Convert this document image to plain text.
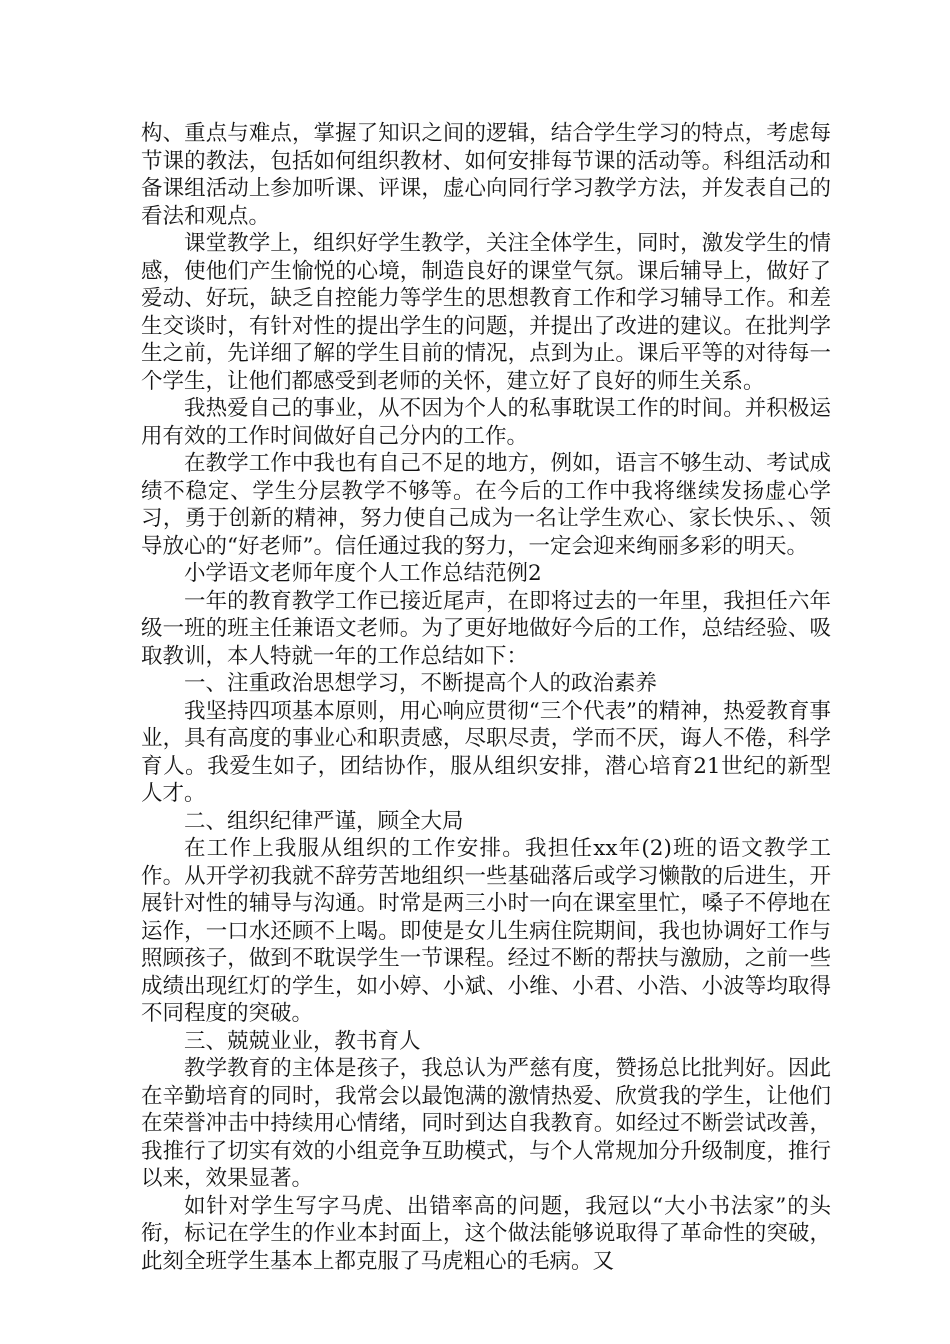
构、重点与难点，掌握了知识之间的逻辑，结合学生学习的特点，考虑每节课的教法，包括如何组织教材、如何安排每节课的活动等。科组活动和备课组活动上参加听课、评课，虚心向同行学习教学方法，并发表自己的看法和观点。

课堂教学上，组织好学生教学，关注全体学生，同时，激发学生的情感，使他们产生愉悦的心境，制造良好的课堂气氛。课后辅导上，做好了爱动、好玩，缺乏自控能力等学生的思想教育工作和学习辅导工作。和差生交谈时，有针对性的提出学生的问题，并提出了改进的建议。在批判学生之前，先详细了解的学生目前的情况，点到为止。课后平等的对待每一个学生，让他们都感受到老师的关怀，建立好了良好的师生关系。

我热爱自己的事业，从不因为个人的私事耽误工作的时间。并积极运用有效的工作时间做好自己分内的工作。

在教学工作中我也有自己不足的地方，例如，语言不够生动、考试成绩不稳定、学生分层教学不够等。在今后的工作中我将继续发扬虚心学习，勇于创新的精神，努力使自己成为一名让学生欢心、家长快乐、、领导放心的“好老师”。信任通过我的努力，一定会迎来绚丽多彩的明天。

小学语文老师年度个人工作总结范例2

一年的教育教学工作已接近尾声，在即将过去的一年里，我担任六年级一班的班主任兼语文老师。为了更好地做好今后的工作，总结经验、吸取教训，本人特就一年的工作总结如下：

一、注重政治思想学习，不断提高个人的政治素养

我坚持四项基本原则，用心响应贯彻“三个代表”的精神，热爱教育事业，具有高度的事业心和职责感，尽职尽责，学而不厌，诲人不倦，科学育人。我爱生如子，团结协作，服从组织安排，潜心培育21世纪的新型人才。

二、组织纪律严谨，顾全大局

在工作上我服从组织的工作安排。我担任xx年(2)班的语文教学工作。从开学初我就不辞劳苦地组织一些基础落后或学习懒散的后进生，开展针对性的辅导与沟通。时常是两三小时一向在课室里忙，嗓子不停地在运作，一口水还顾不上喝。即使是女儿生病住院期间，我也协调好工作与照顾孩子，做到不耽误学生一节课程。经过不断的帮扶与激励，之前一些成绩出现红灯的学生，如小婷、小斌、小维、小君、小浩、小波等均取得不同程度的突破。

三、兢兢业业，教书育人

教学教育的主体是孩子，我总认为严慈有度，赞扬总比批判好。因此在辛勤培育的同时，我常会以最饱满的激情热爱、欣赏我的学生，让他们在荣誉冲击中持续用心情绪，同时到达自我教育。如经过不断尝试改善，我推行了切实有效的小组竞争互助模式，与个人常规加分升级制度，推行以来，效果显著。

如针对学生写字马虎、出错率高的问题，我冠以“大小书法家”的头衔，标记在学生的作业本封面上，这个做法能够说取得了革命性的突破，此刻全班学生基本上都克服了马虎粗心的毛病。又
